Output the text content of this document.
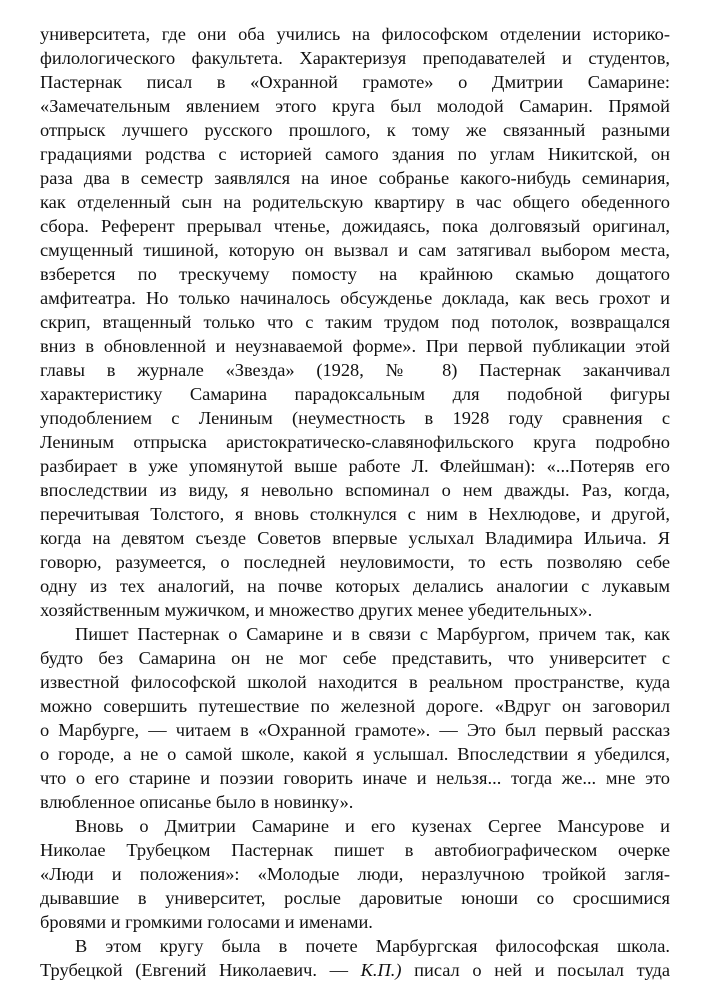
университета, где они оба учились на философском отделении историко-
филологического факультета. Характеризуя преподавателей и студентов,
Пастернак писал в «Охранной грамоте» о Дмитрии Самарине:
«Замечательным явлением этого круга был молодой Самарин. Прямой
отпрыск лучшего русского прошлого, к тому же связанный разными
градациями родства с историей самого здания по углам Никитской, он
раза два в семестр заявлялся на иное собранье какого-нибудь семинария,
как отделенный сын на родительскую квартиру в час общего обеденного
сбора. Референт прерывал чтенье, дожидаясь, пока долговязый оригинал,
смущенный тишиной, которую он вызвал и сам затягивал выбором места,
взберется по трескучему помосту на крайнюю скамью дощатого
амфитеатра. Но только начиналось обсужденье доклада, как весь грохот и
скрип, втащенный только что с таким трудом под потолок, возвращался
вниз в обновленной и неузнаваемой форме». При первой публикации этой
главы в журнале «Звезда» (1928, № 8) Пастернак заканчивал
характеристику Самарина парадоксальным для подобной фигуры
уподоблением с Лениным (неуместность в 1928 году сравнения с
Лениным отпрыска аристократическо-славянофильского круга подробно
разбирает в уже упомянутой выше работе Л. Флейшман): «...Потеряв его
впоследствии из виду, я невольно вспоминал о нем дважды. Раз, когда,
перечитывая Толстого, я вновь столкнулся с ним в Нехлюдове, и другой,
когда на девятом съезде Советов впервые услыхал Владимира Ильича. Я
говорю, разумеется, о последней неуловимости, то есть позволяю себе
одну из тех аналогий, на почве которых делались аналогии с лукавым

хозяйственным мужичком, и множество других менее убедительных».

Пишет Пастернак о Самарине и в связи с Марбургом, причем так, как
будто без Самарина он не мог себе представить, что университет с
известной философской школой находится в реальном пространстве, куда
можно совершить путешествие по железной дороге. «Вдруг он заговорил
о Марбурге, — читаем в «Охранной грамоте». — Это был первый рассказ
о городе, а не о самой школе, какой я услышал. Впоследствии я убедился,
что о его старине и поэзии говорить иначе и нельзя... тогда же... мне это

влюбленное описанье было в новинку».

Вновь о Дмитрии Самарине и его кузенах Сергее Мансурове и
Николае Трубецком Пастернак пишет в автобиографическом очерке
«Люди и положения»: «Молодые люди, неразлучною тройкой загля-
дывавшие в университет, рослые даровитые юноши со сросшимися

бровями и громкими голосами и именами.

В этом кругу была в почете Марбургская философская школа.

Трубецкой (Евгений Николаевич. — К.П.) писал о ней и посылал туда
